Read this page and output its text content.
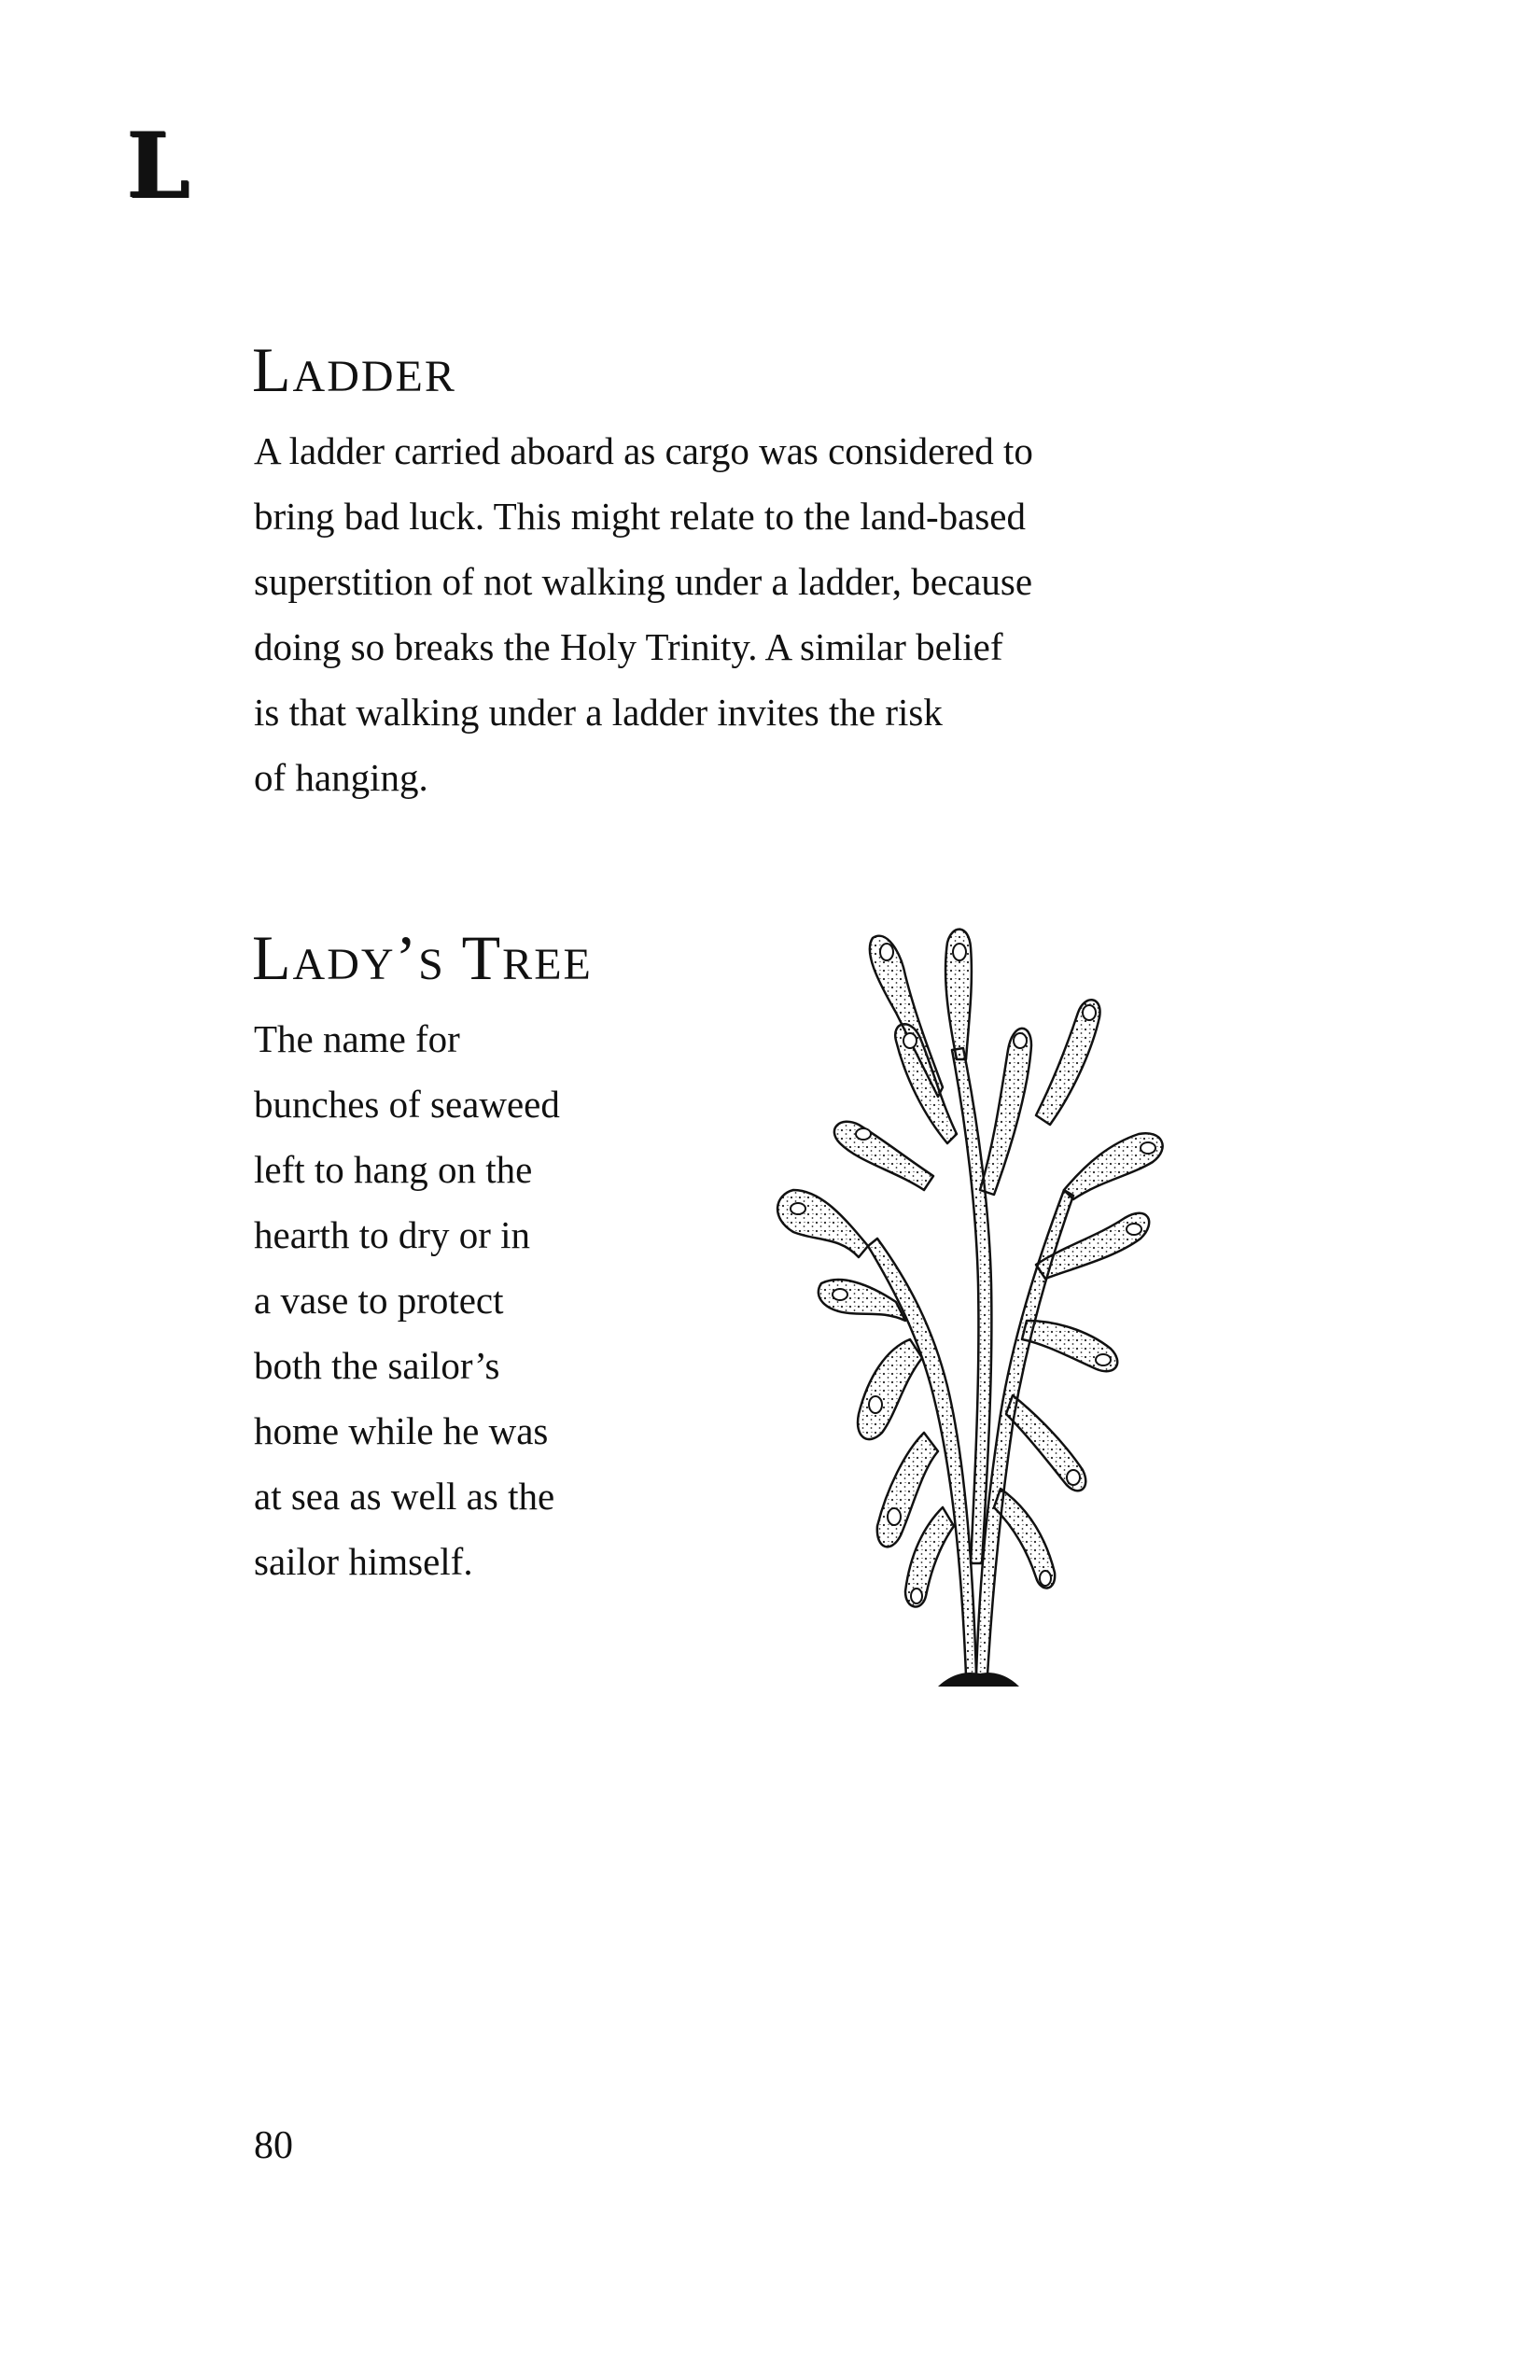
L
Ladder

A ladder carried aboard as cargo was considered to
bring bad luck. This might relate to the land-based
superstition of not walking under a ladder, because
doing so breaks the Holy Trinity. A similar belief
is that walking under a ladder invites the risk
of hanging.

Lady’s Tree

The name for
bunches of seaweed
left to hang on the
hearth to dry or in
a vase to protect
both the sailor’s
home while he was
at sea as well as the
sailor himself.

80
